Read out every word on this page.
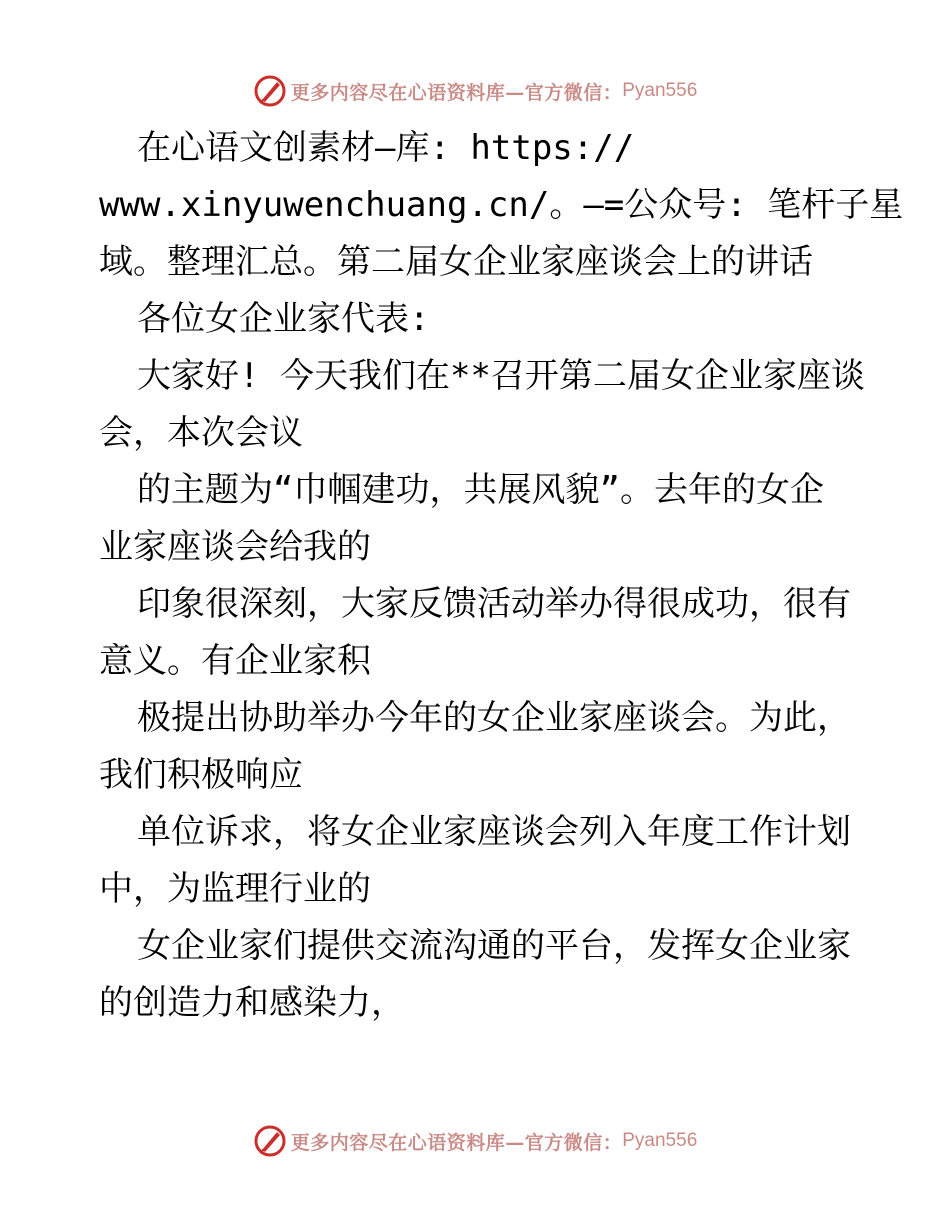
更多内容尽在心语资料库—官方微信： Pyan556
在心语文创素材—库: https://
www.xinyuwenchuang.cn/。—=公众号: 笔杆子星
域。整理汇总。第二届女企业家座谈会上的讲话
各位女企业家代表:
大家好! 今天我们在**召开第二届女企业家座谈
会，本次会议
的主题为“巾帼建功，共展风貌”。去年的女企
业家座谈会给我的
印象很深刻，大家反馈活动举办得很成功，很有
意义。有企业家积
极提出协助举办今年的女企业家座谈会。为此，
我们积极响应
单位诉求，将女企业家座谈会列入年度工作计划
中，为监理行业的
女企业家们提供交流沟通的平台，发挥女企业家
的创造力和感染力，
更多内容尽在心语资料库—官方微信： Pyan556
